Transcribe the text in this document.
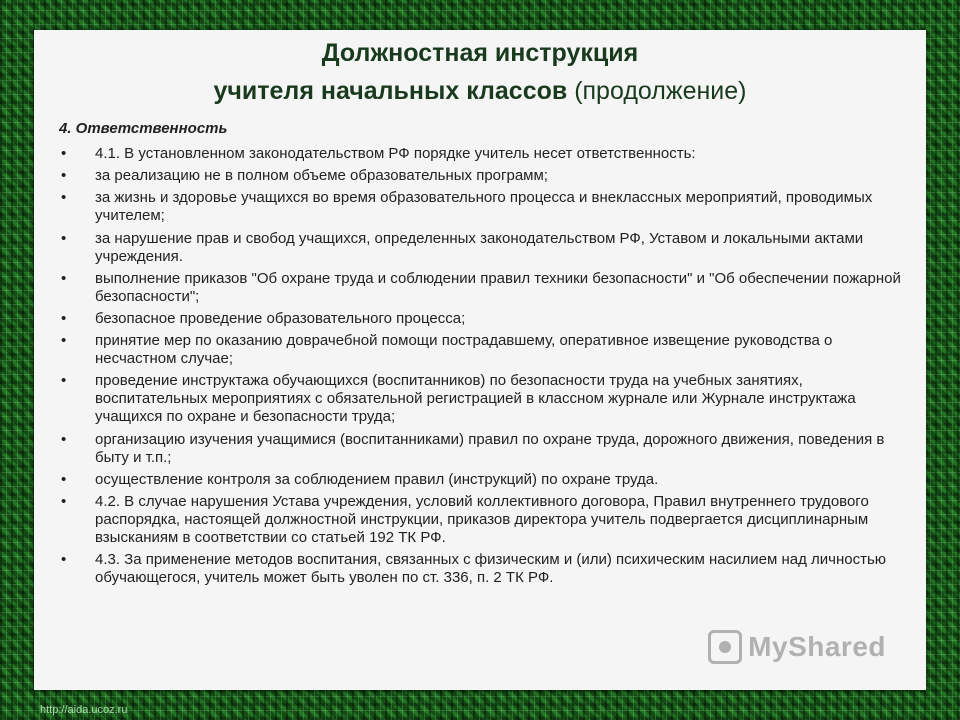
Должностная инструкция
учителя начальных классов (продолжение)
4. Ответственность
• 4.1. В установленном законодательством РФ порядке учитель несет ответственность:
• за реализацию не в полном объеме образовательных программ;
• за жизнь и здоровье учащихся во время образовательного процесса и внеклассных мероприятий, проводимых учителем;
• за нарушение прав и свобод учащихся, определенных законодательством РФ, Уставом и локальными актами учреждения.
• выполнение приказов "Об охране труда и соблюдении правил техники безопасности" и "Об обеспечении пожарной безопасности";
• безопасное проведение образовательного процесса;
• принятие мер по оказанию доврачебной помощи пострадавшему, оперативное извещение руководства о несчастном случае;
• проведение инструктажа обучающихся (воспитанников) по безопасности труда на учебных занятиях, воспитательных мероприятиях с обязательной регистрацией в классном журнале или Журнале инструктажа учащихся по охране и безопасности труда;
• организацию изучения учащимися (воспитанниками) правил по охране труда, дорожного движения, поведения в быту и т.п.;
• осуществление контроля за соблюдением правил (инструкций) по охране труда.
• 4.2. В случае нарушения Устава учреждения, условий коллективного договора, Правил внутреннего трудового распорядка, настоящей должностной инструкции, приказов директора учитель подвергается дисциплинарным взысканиям в соответствии со статьей 192 ТК РФ.
• 4.3. За применение методов воспитания, связанных с физическим и (или) психическим насилием над личностью обучающегося, учитель может быть уволен по ст. 336, п. 2 ТК РФ.
MyShared
http://aida.ucoz.ru
